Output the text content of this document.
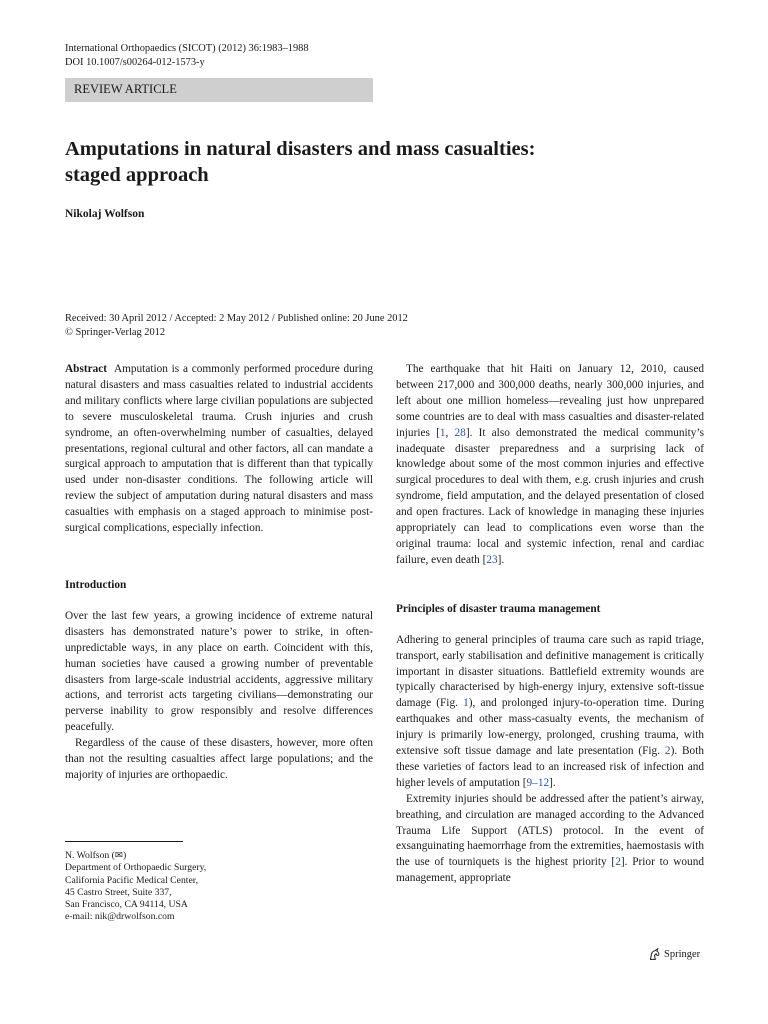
International Orthopaedics (SICOT) (2012) 36:1983–1988
DOI 10.1007/s00264-012-1573-y
REVIEW ARTICLE
Amputations in natural disasters and mass casualties:
staged approach
Nikolaj Wolfson
Received: 30 April 2012 / Accepted: 2 May 2012 / Published online: 20 June 2012
© Springer-Verlag 2012

Abstract Amputation is a commonly performed procedure during natural disasters and mass casualties related to industrial accidents and military conflicts where large civilian populations are subjected to severe musculoskeletal trauma. Crush injuries and crush syndrome, an often-overwhelming number of casualties, delayed presentations, regional cultural and other factors, all can mandate a surgical approach to amputation that is different than that typically used under non-disaster conditions. The following article will review the subject of amputation during natural disasters and mass casualties with emphasis on a staged approach to minimise post-surgical complications, especially infection.

Introduction

Over the last few years, a growing incidence of extreme natural disasters has demonstrated nature’s power to strike, in often-unpredictable ways, in any place on earth. Coincident with this, human societies have caused a growing number of preventable disasters from large-scale industrial accidents, aggressive military actions, and terrorist acts targeting civilians—demonstrating our perverse inability to grow responsibly and resolve differences peacefully.

Regardless of the cause of these disasters, however, more often than not the resulting casualties affect large populations; and the majority of injuries are orthopaedic.

The earthquake that hit Haiti on January 12, 2010, caused between 217,000 and 300,000 deaths, nearly 300,000 injuries, and left about one million homeless—revealing just how unprepared some countries are to deal with mass casualties and disaster-related injuries [1, 28]. It also demonstrated the medical community’s inadequate disaster preparedness and a surprising lack of knowledge about some of the most common injuries and effective surgical procedures to deal with them, e.g. crush injuries and crush syndrome, field amputation, and the delayed presentation of closed and open fractures. Lack of knowledge in managing these injuries appropriately can lead to complications even worse than the original trauma: local and systemic infection, renal and cardiac failure, even death [23].

Principles of disaster trauma management

Adhering to general principles of trauma care such as rapid triage, transport, early stabilisation and definitive management is critically important in disaster situations. Battlefield extremity wounds are typically characterised by high-energy injury, extensive soft-tissue damage (Fig. 1), and prolonged injury-to-operation time. During earthquakes and other mass-casualty events, the mechanism of injury is primarily low-energy, prolonged, crushing trauma, with extensive soft tissue damage and late presentation (Fig. 2). Both these varieties of factors lead to an increased risk of infection and higher levels of amputation [9–12].

Extremity injuries should be addressed after the patient’s airway, breathing, and circulation are managed according to the Advanced Trauma Life Support (ATLS) protocol. In the event of exsanguinating haemorrhage from the extremities, haemostasis with the use of tourniquets is the highest priority [2]. Prior to wound management, appropriate

N. Wolfson (✉)
Department of Orthopaedic Surgery,
California Pacific Medical Center,
45 Castro Street, Suite 337,
San Francisco, CA 94114, USA
e-mail: nik@drwolfson.com
Springer
